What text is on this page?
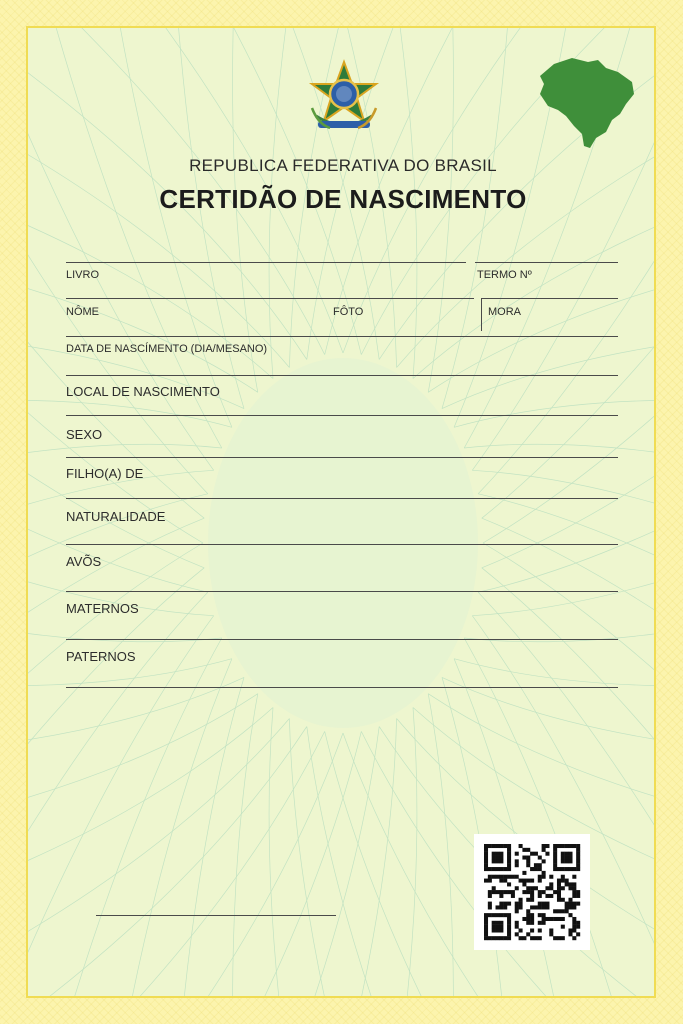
REPUBLICA FEDERATIVA DO BRASIL
CERTIDÃO DE NASCIMENTO
LIVRO	TERMO Nº
NÔME	FÔTO	MORA
DATA DE NASCÍMENTO (DIA/MESANO)
LOCAL DE NASCIMENTO
SEXO
FILHO(A) DE
NATURALIDADE
AVÕS
MATERNOS
PATERNOS
